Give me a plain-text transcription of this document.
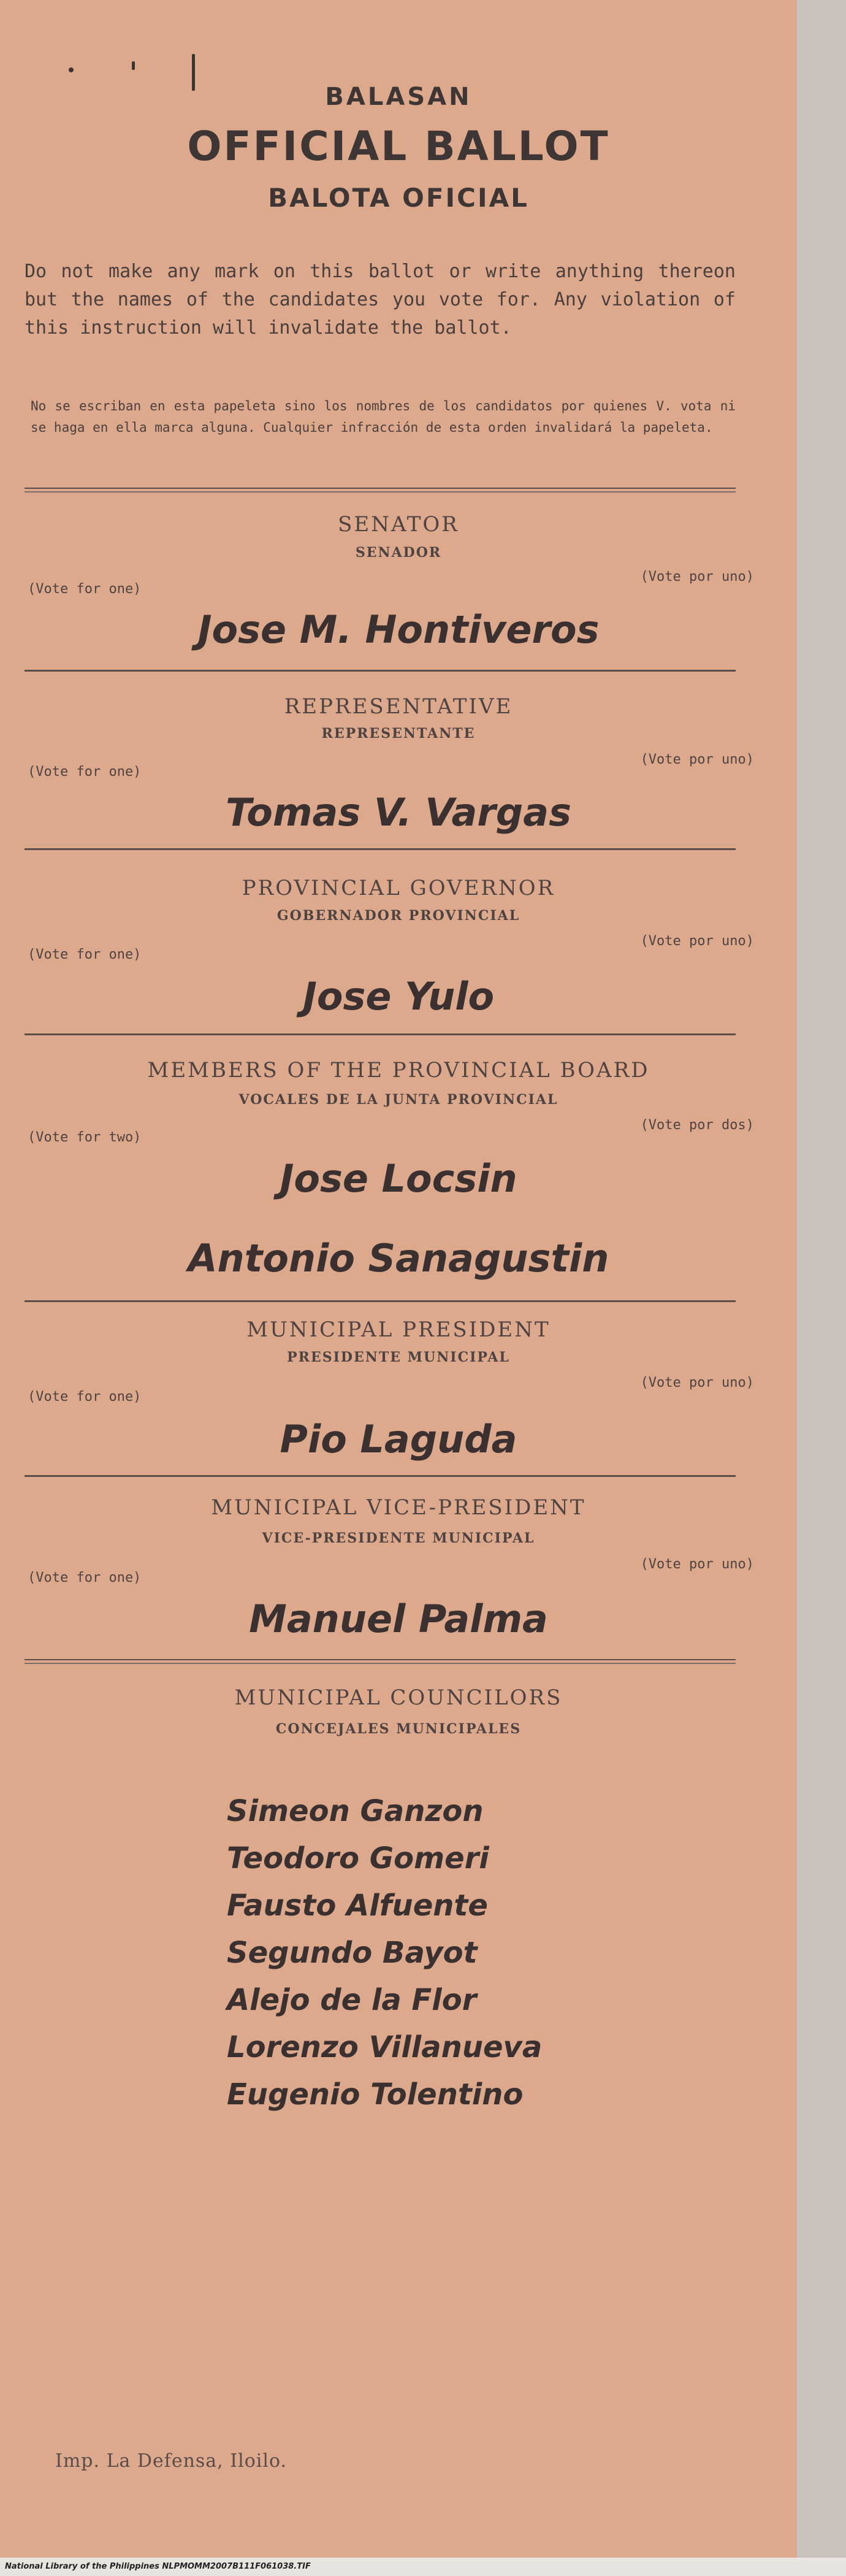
BALASAN
OFFICIAL BALLOT
BALOTA OFICIAL
Do not make any mark on this ballot or write anything thereon but the names of the candidates you vote for. Any violation of this instruction will invalidate the ballot.
No se escriban en esta papeleta sino los nombres de los candidatos por quienes V. vota ni se haga en ella marca alguna. Cualquier infracción de esta orden invalidará la papeleta.
SENATOR
SENADOR
(Vote por uno)
(Vote for one)
Jose M. Hontiveros
REPRESENTATIVE
REPRESENTANTE
(Vote por uno)
(Vote for one)
Tomas V. Vargas
PROVINCIAL GOVERNOR
GOBERNADOR PROVINCIAL
(Vote por uno)
(Vote for one)
Jose Yulo
MEMBERS OF THE PROVINCIAL BOARD
VOCALES DE LA JUNTA PROVINCIAL
(Vote por dos)
(Vote for two)
Jose Locsin
Antonio Sanagustin
MUNICIPAL PRESIDENT
PRESIDENTE MUNICIPAL
(Vote por uno)
(Vote for one)
Pio Laguda
MUNICIPAL VICE-PRESIDENT
VICE-PRESIDENTE MUNICIPAL
(Vote por uno)
(Vote for one)
Manuel Palma
MUNICIPAL COUNCILORS
CONCEJALES MUNICIPALES
Simeon Ganzon
Teodoro Gomeri
Fausto Alfuente
Segundo Bayot
Alejo de la Flor
Lorenzo Villanueva
Eugenio Tolentino
Imp. La Defensa, Iloilo.
National Library of the Philippines NLPMOMM2007B111F061038.TIF
